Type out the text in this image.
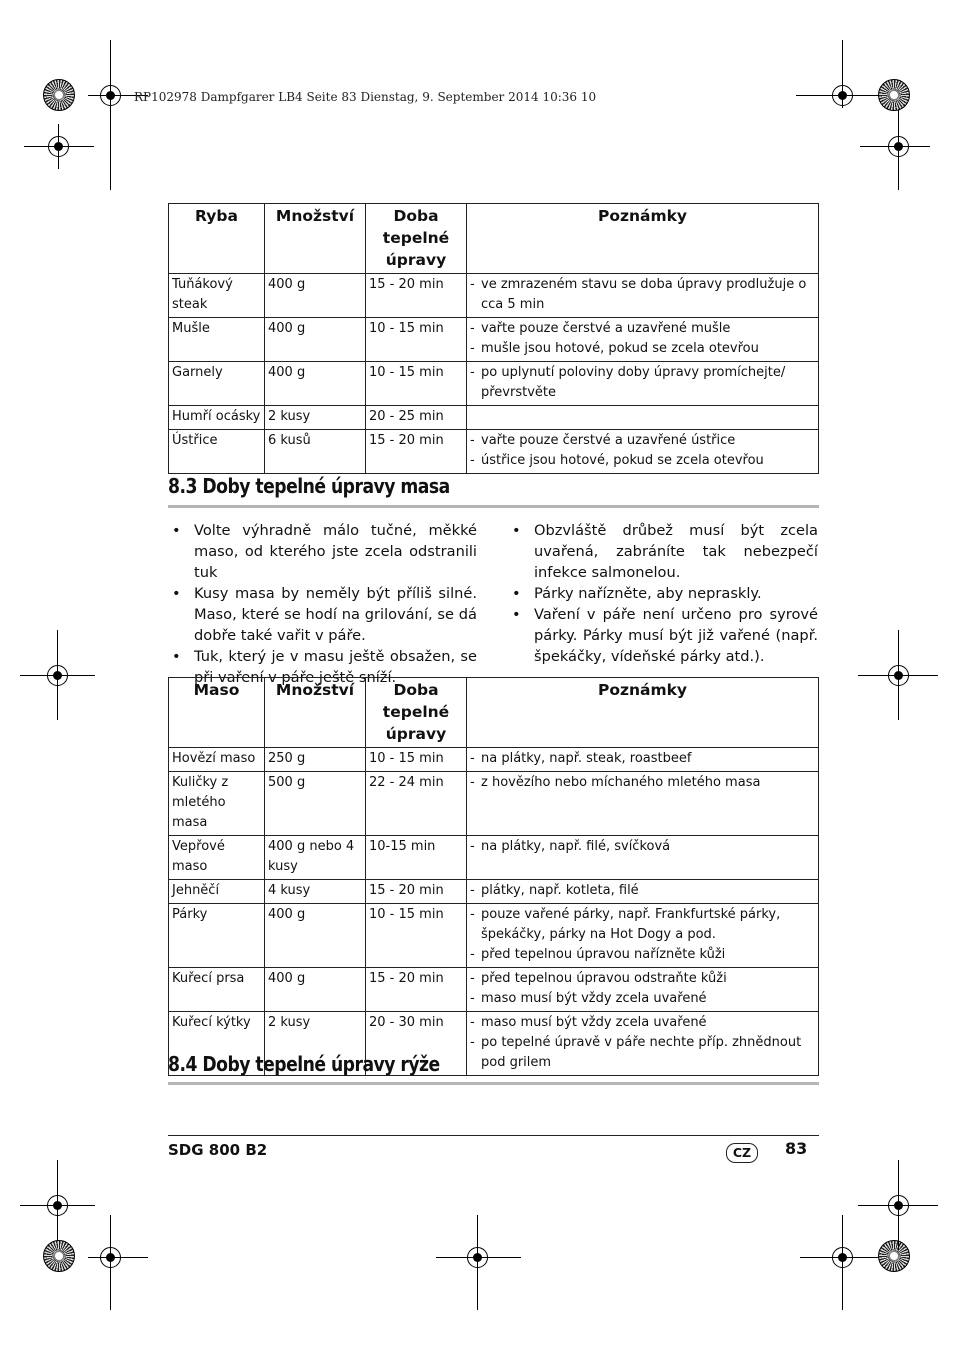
RP102978 Dampfgarer LB4 Seite 83 Dienstag, 9. September 2014 10:36 10
Ryba	Množství	Doba tepelné úpravy	Poznámky
Tuňákový steak	400 g	15 - 20 min	- ve zmrazeném stavu se doba úpravy prodlužuje o cca 5 min

Mušle	400 g	10 - 15 min	- vařte pouze čerstvé a uzavřené mušle
- mušle jsou hotové, pokud se zcela otevřou

Garnely	400 g	10 - 15 min	- po uplynutí poloviny doby úpravy promíchejte/ převrstvěte

Humří ocásky	2 kusy	20 - 25 min	
Ústřice	6 kusů	15 - 20 min	- vařte pouze čerstvé a uzavřené ústřice
- ústřice jsou hotové, pokud se zcela otevřou
8.3 Doby tepelné úpravy masa
• Volte výhradně málo tučné, měkké maso, od kterého jste zcela odstranili tuk
• Kusy masa by neměly být příliš silné. Maso, které se hodí na grilování, se dá dobře také vařit v páře.
• Tuk, který je v masu ještě obsažen, se při vaření v páře ještě sníží.
• Obzvláště drůbež musí být zcela uvařená, zabráníte tak nebezpečí infekce salmonelou.
• Párky nařízněte, aby nepraskly.
• Vaření v páře není určeno pro syrové párky. Párky musí být již vařené (např. špekáčky, vídeňské párky atd.).
Maso	Množství	Doba tepelné úpravy	Poznámky
Hovězí maso	250 g	10 - 15 min	- na plátky, např. steak, roastbeef

Kuličky z mletého masa	500 g	22 - 24 min	- z hovězího nebo míchaného mletého masa

Vepřové maso	400 g nebo 4 kusy	10-15 min	- na plátky, např. filé, svíčková

Jehněčí	4 kusy	15 - 20 min	- plátky, např. kotleta, filé

Párky	400 g	10 - 15 min	- pouze vařené párky, např. Frankfurtské párky, špekáčky, párky na Hot Dogy a pod.
- před tepelnou úpravou nařízněte kůži

Kuřecí prsa	400 g	15 - 20 min	- před tepelnou úpravou odstraňte kůži
- maso musí být vždy zcela uvařené

Kuřecí kýtky	2 kusy	20 - 30 min	- maso musí být vždy zcela uvařené
- po tepelné úpravě v páře nechte příp. zhnědnout pod grilem
8.4 Doby tepelné úpravy rýže
SDG 800 B2	CZ	83
